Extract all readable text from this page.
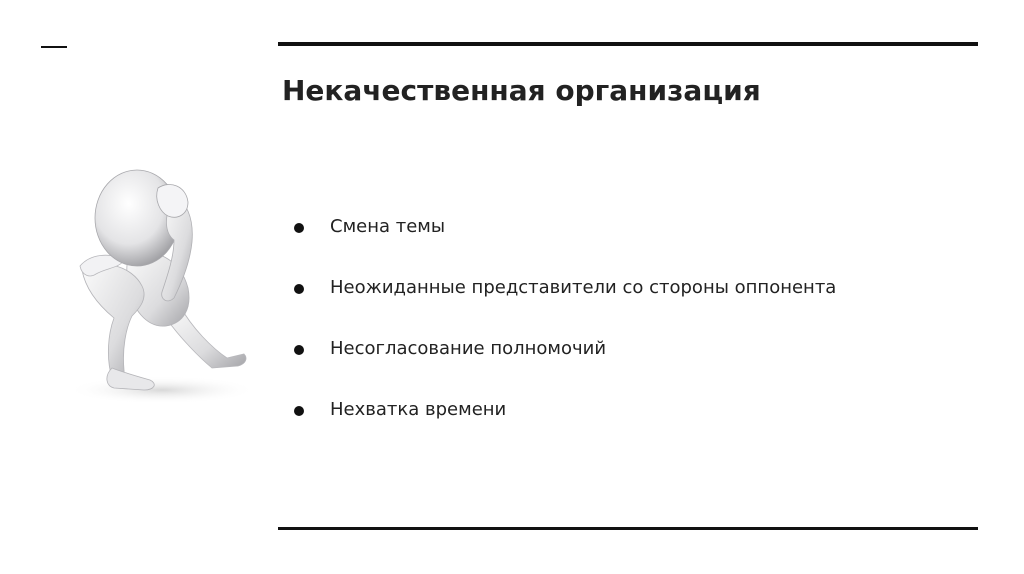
Некачественная организация
Смена темы
Неожиданные представители со стороны оппонента
Несогласование полномочий
Нехватка времени
